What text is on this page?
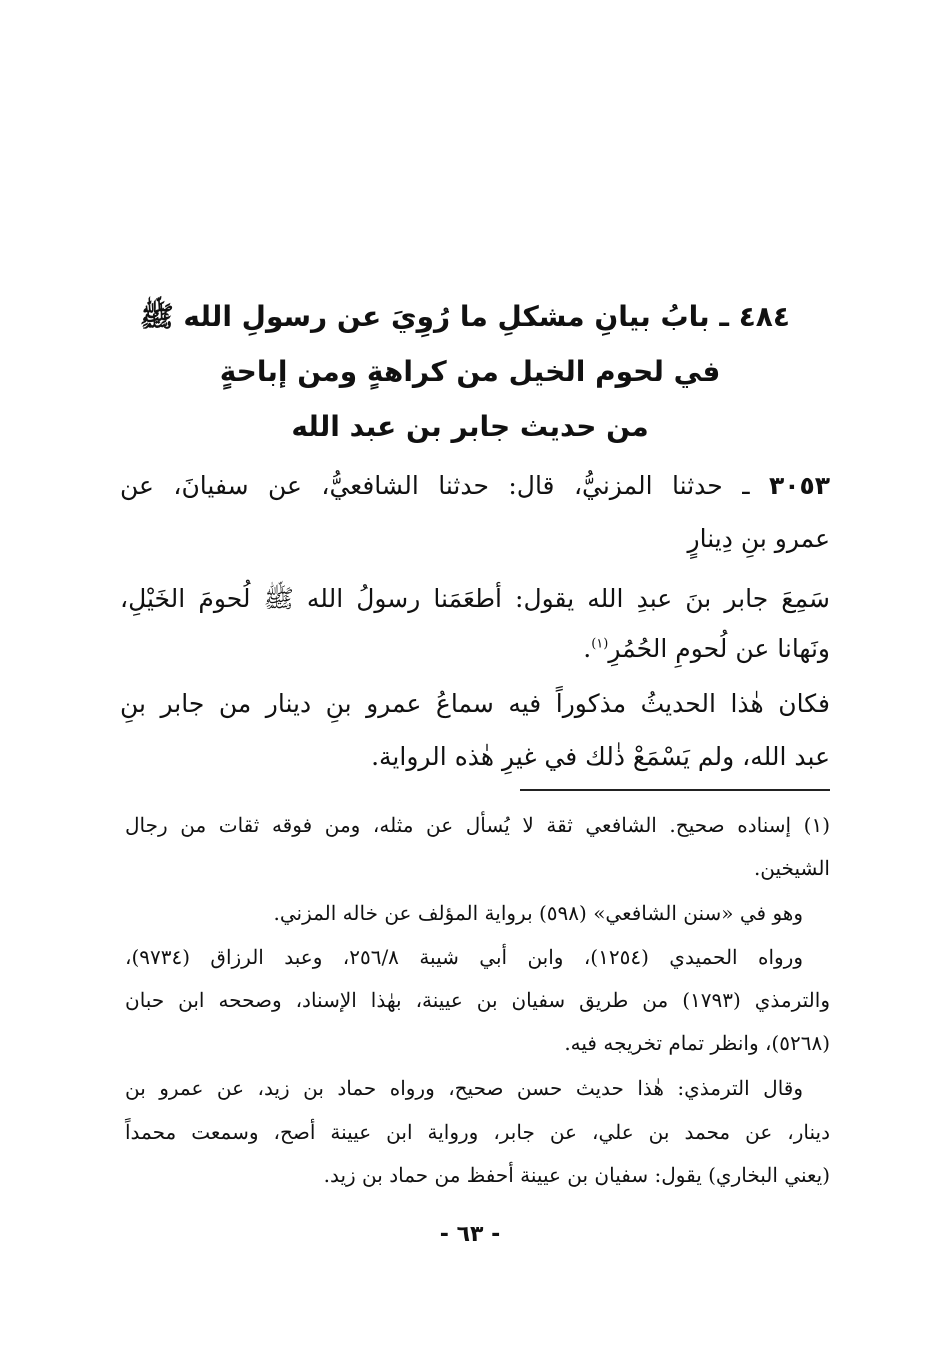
٤٨٤ ـ بابُ بيانِ مشكلِ ما رُوِيَ عن رسولِ الله ﷺ
في لحوم الخيل من كراهةٍ ومن إباحةٍ
من حديث جابر بن عبد الله
٣٠٥٣ ـ حدثنا المزنيُّ، قال: حدثنا الشافعيُّ، عن سفيانَ، عن
عمرو بنِ دِينارٍ
سَمِعَ جابر بنَ عبدِ الله يقول: أطعَمَنا رسولُ الله ﷺ لُحومَ الخَيْلِ،
ونَهانا عن لُحومِ الحُمُرِ$^{(١)}$.
فكان هٰذا الحديثُ مذكوراً فيه سماعُ عمرو بنِ دينار من جابر بنِ
عبد الله، ولم يَسْمَعْ ذٰلك في غيرِ هٰذه الرواية.
(١) إسناده صحيح. الشافعي ثقة لا يُسأل عن مثله، ومن فوقه ثقات من رجال
الشيخين.
وهو في «سنن الشافعي» (٥٩٨) برواية المؤلف عن خاله المزني.
ورواه الحميدي (١٢٥٤)، وابن أبي شيبة ٢٥٦/٨، وعبد الرزاق (٩٧٣٤)،
والترمذي (١٧٩٣) من طريق سفيان بن عيينة، بهٰذا الإسناد، وصححه ابن حبان
(٥٢٦٨)، وانظر تمام تخريجه فيه.
وقال الترمذي: هٰذا حديث حسن صحيح، ورواه حماد بن زيد، عن عمرو بن
دينار، عن محمد بن علي، عن جابر، ورواية ابن عيينة أصح، وسمعت محمداً
(يعني البخاري) يقول: سفيان بن عيينة أحفظ من حماد بن زيد.
- ٦٣ -
